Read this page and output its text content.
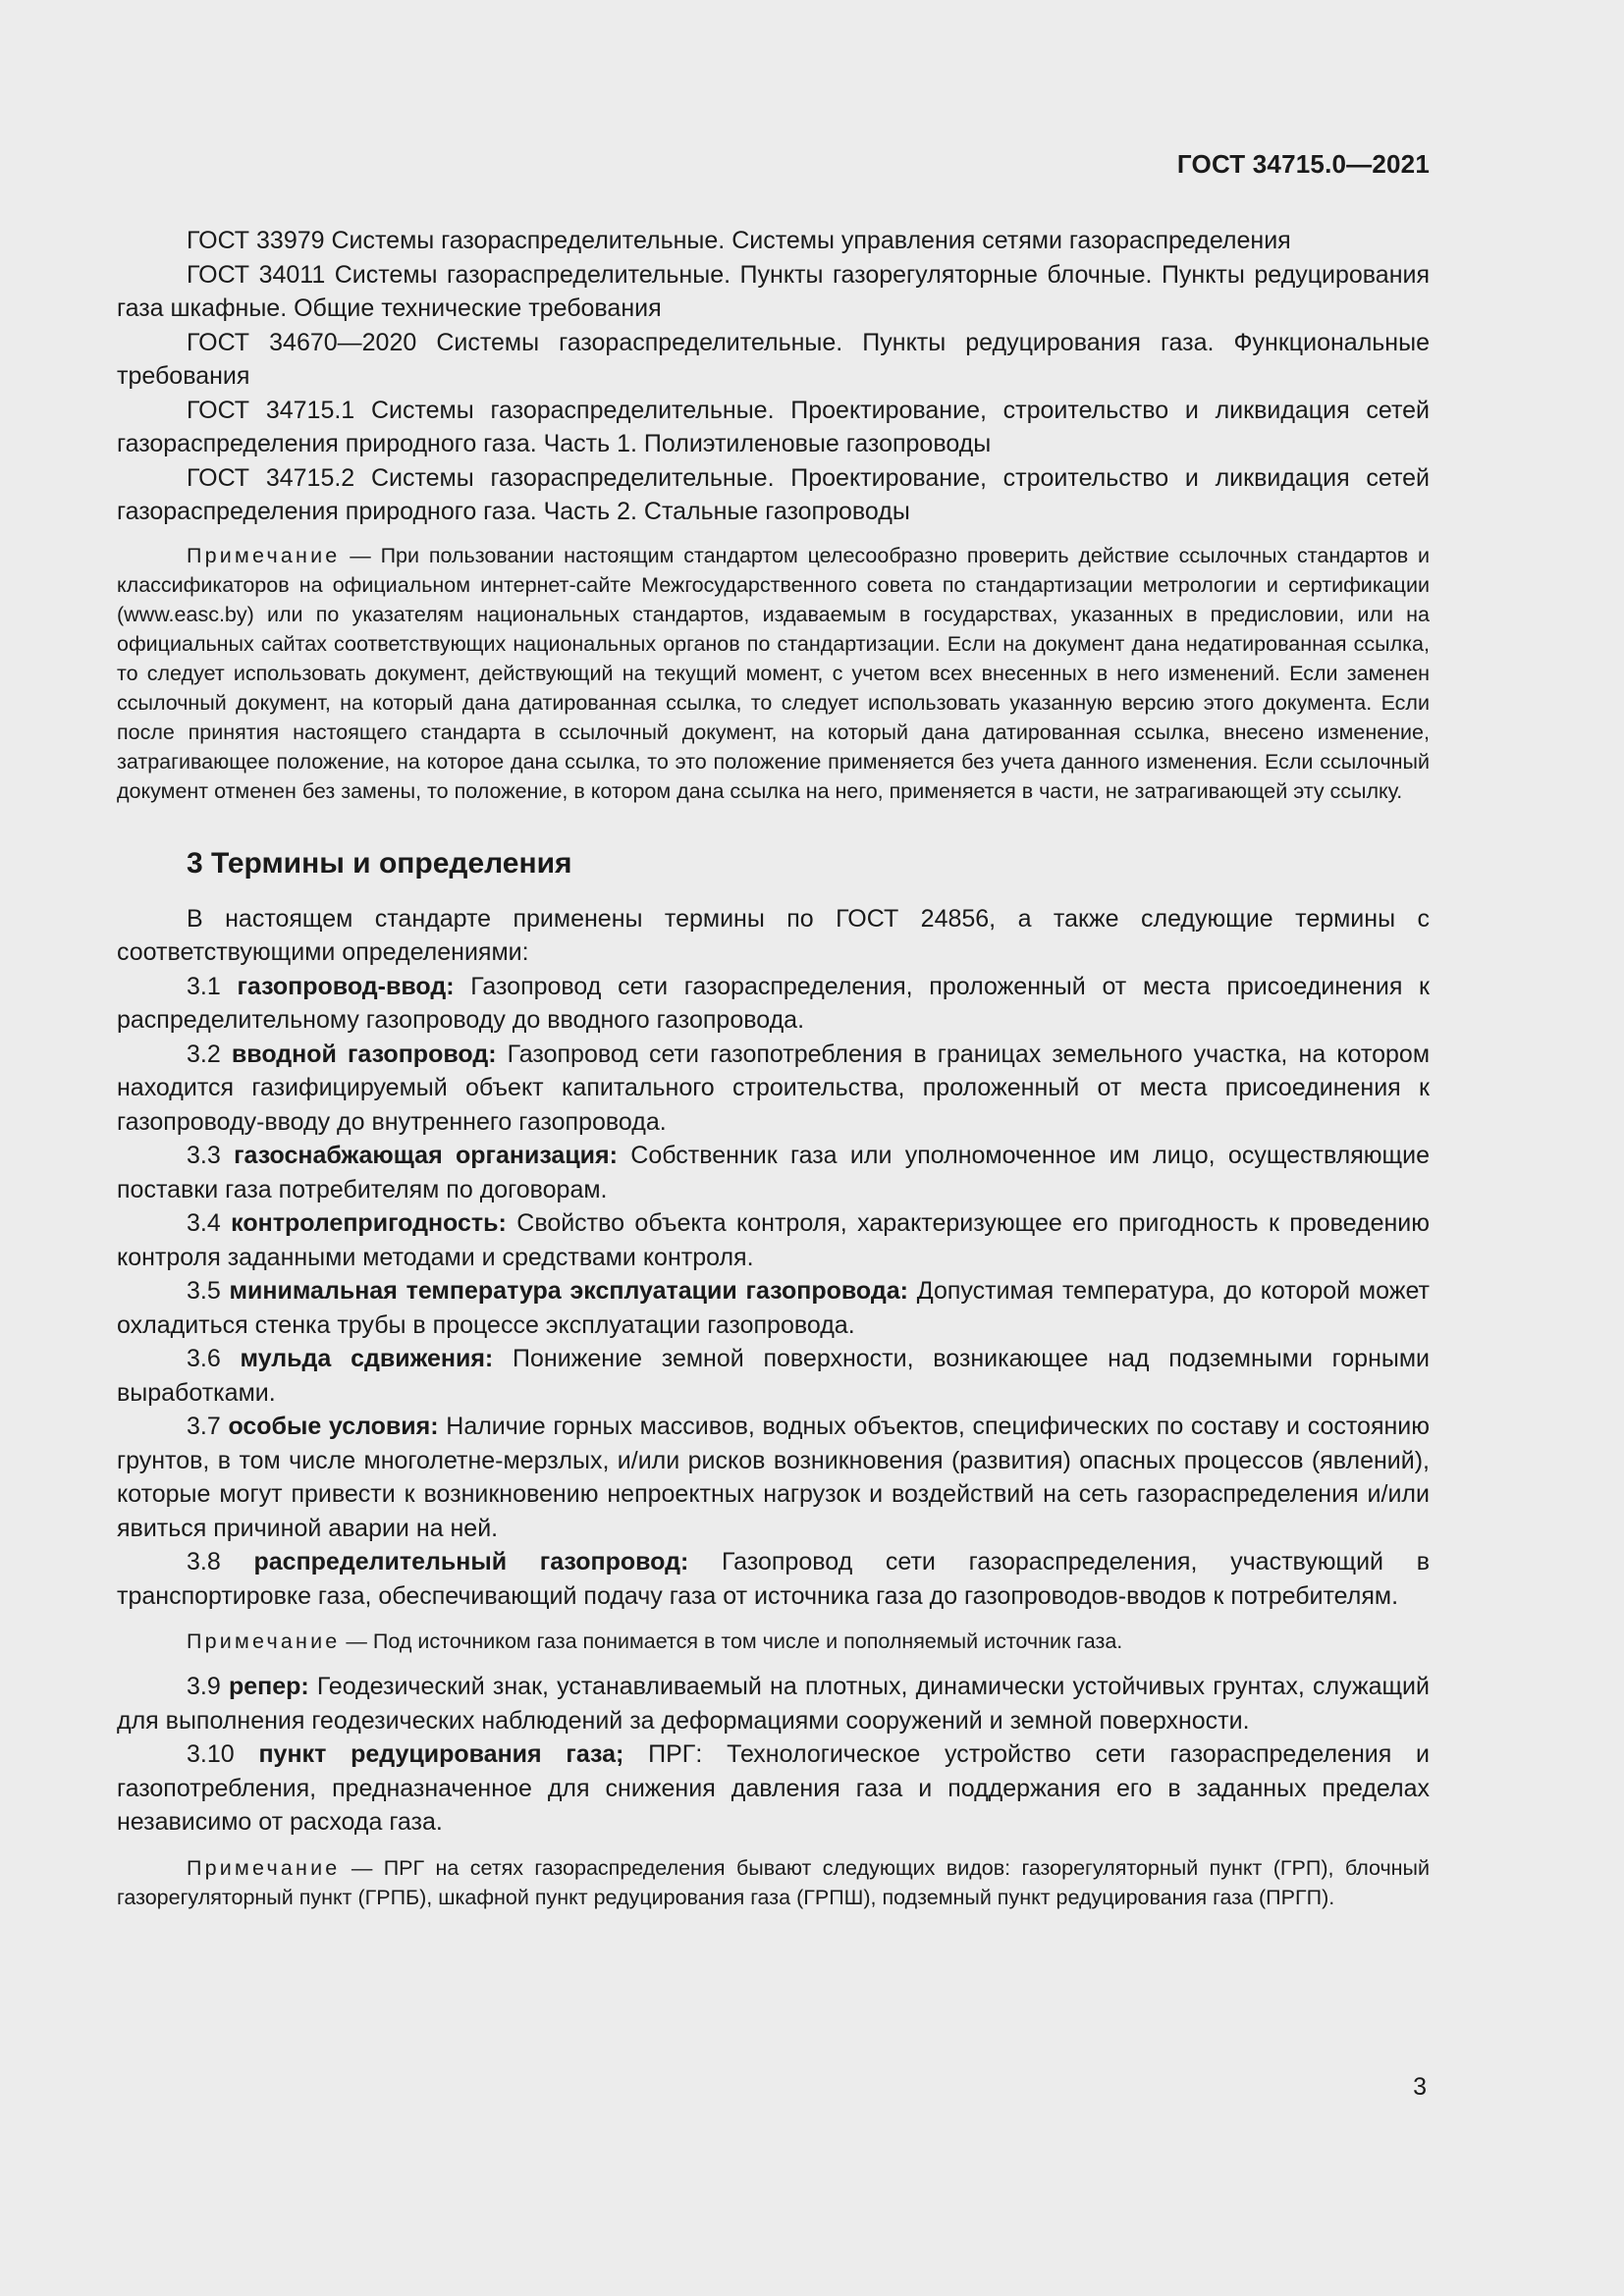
ГОСТ 34715.0—2021

ГОСТ 33979 Системы газораспределительные. Системы управления сетями газораспределения

ГОСТ 34011 Системы газораспределительные. Пункты газорегуляторные блочные. Пункты редуцирования газа шкафные. Общие технические требования

ГОСТ 34670—2020 Системы газораспределительные. Пункты редуцирования газа. Функциональные требования

ГОСТ 34715.1 Системы газораспределительные. Проектирование, строительство и ликвидация сетей газораспределения природного газа. Часть 1. Полиэтиленовые газопроводы

ГОСТ 34715.2 Системы газораспределительные. Проектирование, строительство и ликвидация сетей газораспределения природного газа. Часть 2. Стальные газопроводы

Примечание — При пользовании настоящим стандартом целесообразно проверить действие ссылочных стандартов и классификаторов на официальном интернет-сайте Межгосударственного совета по стандартизации метрологии и сертификации (www.easc.by) или по указателям национальных стандартов, издаваемым в государствах, указанных в предисловии, или на официальных сайтах соответствующих национальных органов по стандартизации. Если на документ дана недатированная ссылка, то следует использовать документ, действующий на текущий момент, с учетом всех внесенных в него изменений. Если заменен ссылочный документ, на который дана датированная ссылка, то следует использовать указанную версию этого документа. Если после принятия настоящего стандарта в ссылочный документ, на который дана датированная ссылка, внесено изменение, затрагивающее положение, на которое дана ссылка, то это положение применяется без учета данного изменения. Если ссылочный документ отменен без замены, то положение, в котором дана ссылка на него, применяется в части, не затрагивающей эту ссылку.

3 Термины и определения

В настоящем стандарте применены термины по ГОСТ 24856, а также следующие термины с соответствующими определениями:

3.1 газопровод-ввод: Газопровод сети газораспределения, проложенный от места присоединения к распределительному газопроводу до вводного газопровода.

3.2 вводной газопровод: Газопровод сети газопотребления в границах земельного участка, на котором находится газифицируемый объект капитального строительства, проложенный от места присоединения к газопроводу-вводу до внутреннего газопровода.

3.3 газоснабжающая организация: Собственник газа или уполномоченное им лицо, осуществляющие поставки газа потребителям по договорам.

3.4 контролепригодность: Свойство объекта контроля, характеризующее его пригодность к проведению контроля заданными методами и средствами контроля.

3.5 минимальная температура эксплуатации газопровода: Допустимая температура, до которой может охладиться стенка трубы в процессе эксплуатации газопровода.

3.6 мульда сдвижения: Понижение земной поверхности, возникающее над подземными горными выработками.

3.7 особые условия: Наличие горных массивов, водных объектов, специфических по составу и состоянию грунтов, в том числе многолетне-мерзлых, и/или рисков возникновения (развития) опасных процессов (явлений), которые могут привести к возникновению непроектных нагрузок и воздействий на сеть газораспределения и/или явиться причиной аварии на ней.

3.8 распределительный газопровод: Газопровод сети газораспределения, участвующий в транспортировке газа, обеспечивающий подачу газа от источника газа до газопроводов-вводов к потребителям.

Примечание — Под источником газа понимается в том числе и пополняемый источник газа.

3.9 репер: Геодезический знак, устанавливаемый на плотных, динамически устойчивых грунтах, служащий для выполнения геодезических наблюдений за деформациями сооружений и земной поверхности.

3.10 пункт редуцирования газа; ПРГ: Технологическое устройство сети газораспределения и газопотребления, предназначенное для снижения давления газа и поддержания его в заданных пределах независимо от расхода газа.

Примечание — ПРГ на сетях газораспределения бывают следующих видов: газорегуляторный пункт (ГРП), блочный газорегуляторный пункт (ГРПБ), шкафной пункт редуцирования газа (ГРПШ), подземный пункт редуцирования газа (ПРГП).

3
